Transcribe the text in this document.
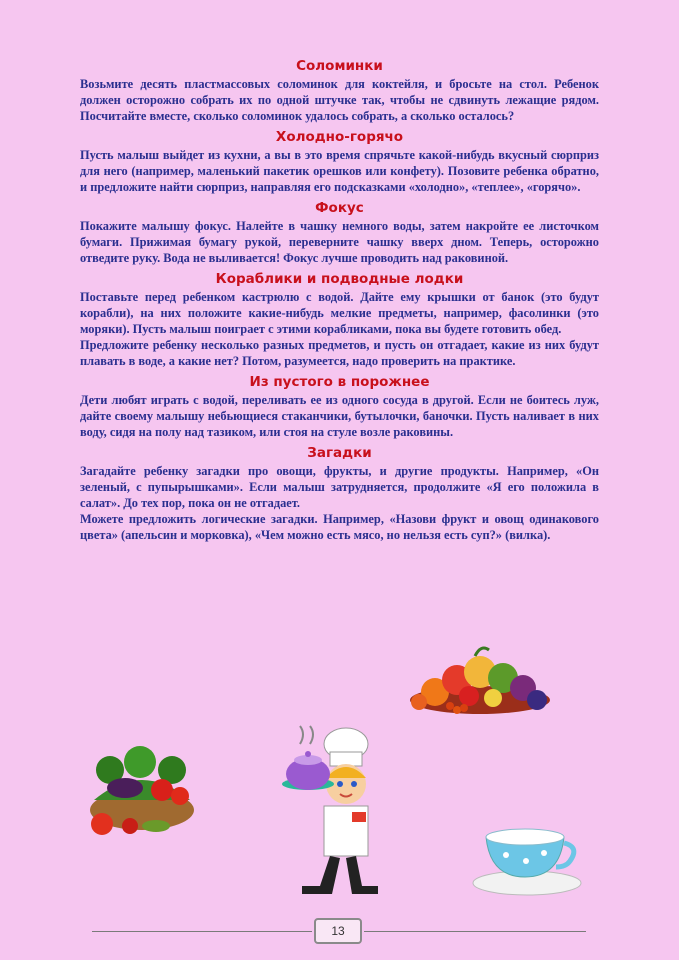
Соломинки

Возьмите десять пластмассовых соломинок для коктейля, и бросьте на стол. Ребенок должен осторожно собрать их по одной штучке так, чтобы не сдвинуть лежащие рядом. Посчитайте вместе, сколько соломинок удалось собрать, а сколько осталось?

Холодно-горячо

Пусть малыш выйдет из кухни, а вы в это время спрячьте какой-нибудь вкусный сюрприз для него (например, маленький пакетик орешков или конфету). Позовите ребенка обратно, и предложите найти сюрприз, направляя его подсказками «холодно», «теплее», «горячо».

Фокус

Покажите малышу фокус. Налейте в чашку немного воды, затем накройте ее листочком бумаги. Прижимая бумагу рукой, переверните чашку вверх дном. Теперь, осторожно отведите руку. Вода не выливается! Фокус лучше проводить над раковиной.

Кораблики и подводные лодки

Поставьте перед ребенком кастрюлю с водой. Дайте ему крышки от банок (это будут корабли), на них положите какие-нибудь мелкие предметы, например, фасолинки (это моряки). Пусть малыш поиграет с этими корабликами, пока вы будете готовить обед.

Предложите ребенку несколько разных предметов, и пусть он отгадает, какие из них будут плавать в воде, а какие нет? Потом, разумеется, надо проверить на практике.

Из пустого в порожнее

Дети любят играть с водой, переливать ее из одного сосуда в другой. Если не боитесь луж, дайте своему малышу небьющиеся стаканчики, бутылочки, баночки. Пусть наливает в них воду, сидя на полу над тазиком, или стоя на стуле возле раковины.

Загадки

Загадайте ребенку загадки про овощи, фрукты, и другие продукты. Например, «Он зеленый, с пупырышками». Если малыш затрудняется, продолжите «Я его положила в салат». До тех пор, пока он не отгадает.

Можете предложить логические загадки. Например, «Назови фрукт и овощ одинакового цвета» (апельсин и морковка), «Чем можно есть мясо, но нельзя есть суп?» (вилка).

13
